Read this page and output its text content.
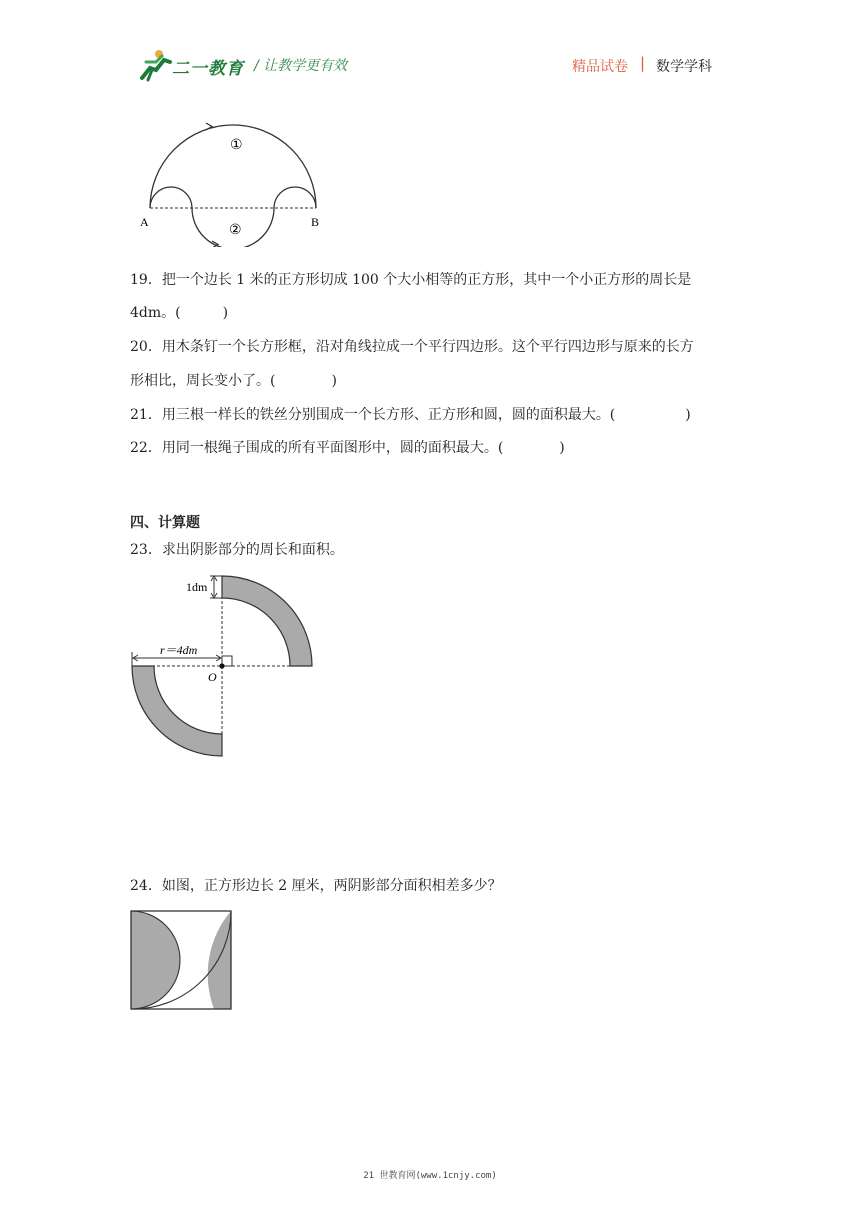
二一教育 / 让教学更有效	精品试卷 | 数学学科
①
②
A	B
19．把一个边长 1 米的正方形切成 100 个大小相等的正方形，其中一个小正方形的周长是
4dm。(　　　)
20．用木条钉一个长方形框，沿对角线拉成一个平行四边形。这个平行四边形与原来的长方
形相比，周长变小了。(　　　　)
21．用三根一样长的铁丝分别围成一个长方形、正方形和圆，圆的面积最大。(　　　　　)
22．用同一根绳子围成的所有平面图形中，圆的面积最大。(　　　　)
四、计算题
23．求出阴影部分的周长和面积。
1dm
r＝4dm
O
24．如图，正方形边长 2 厘米，两阴影部分面积相差多少？
21 世教育网(www.1cnjy.com)
